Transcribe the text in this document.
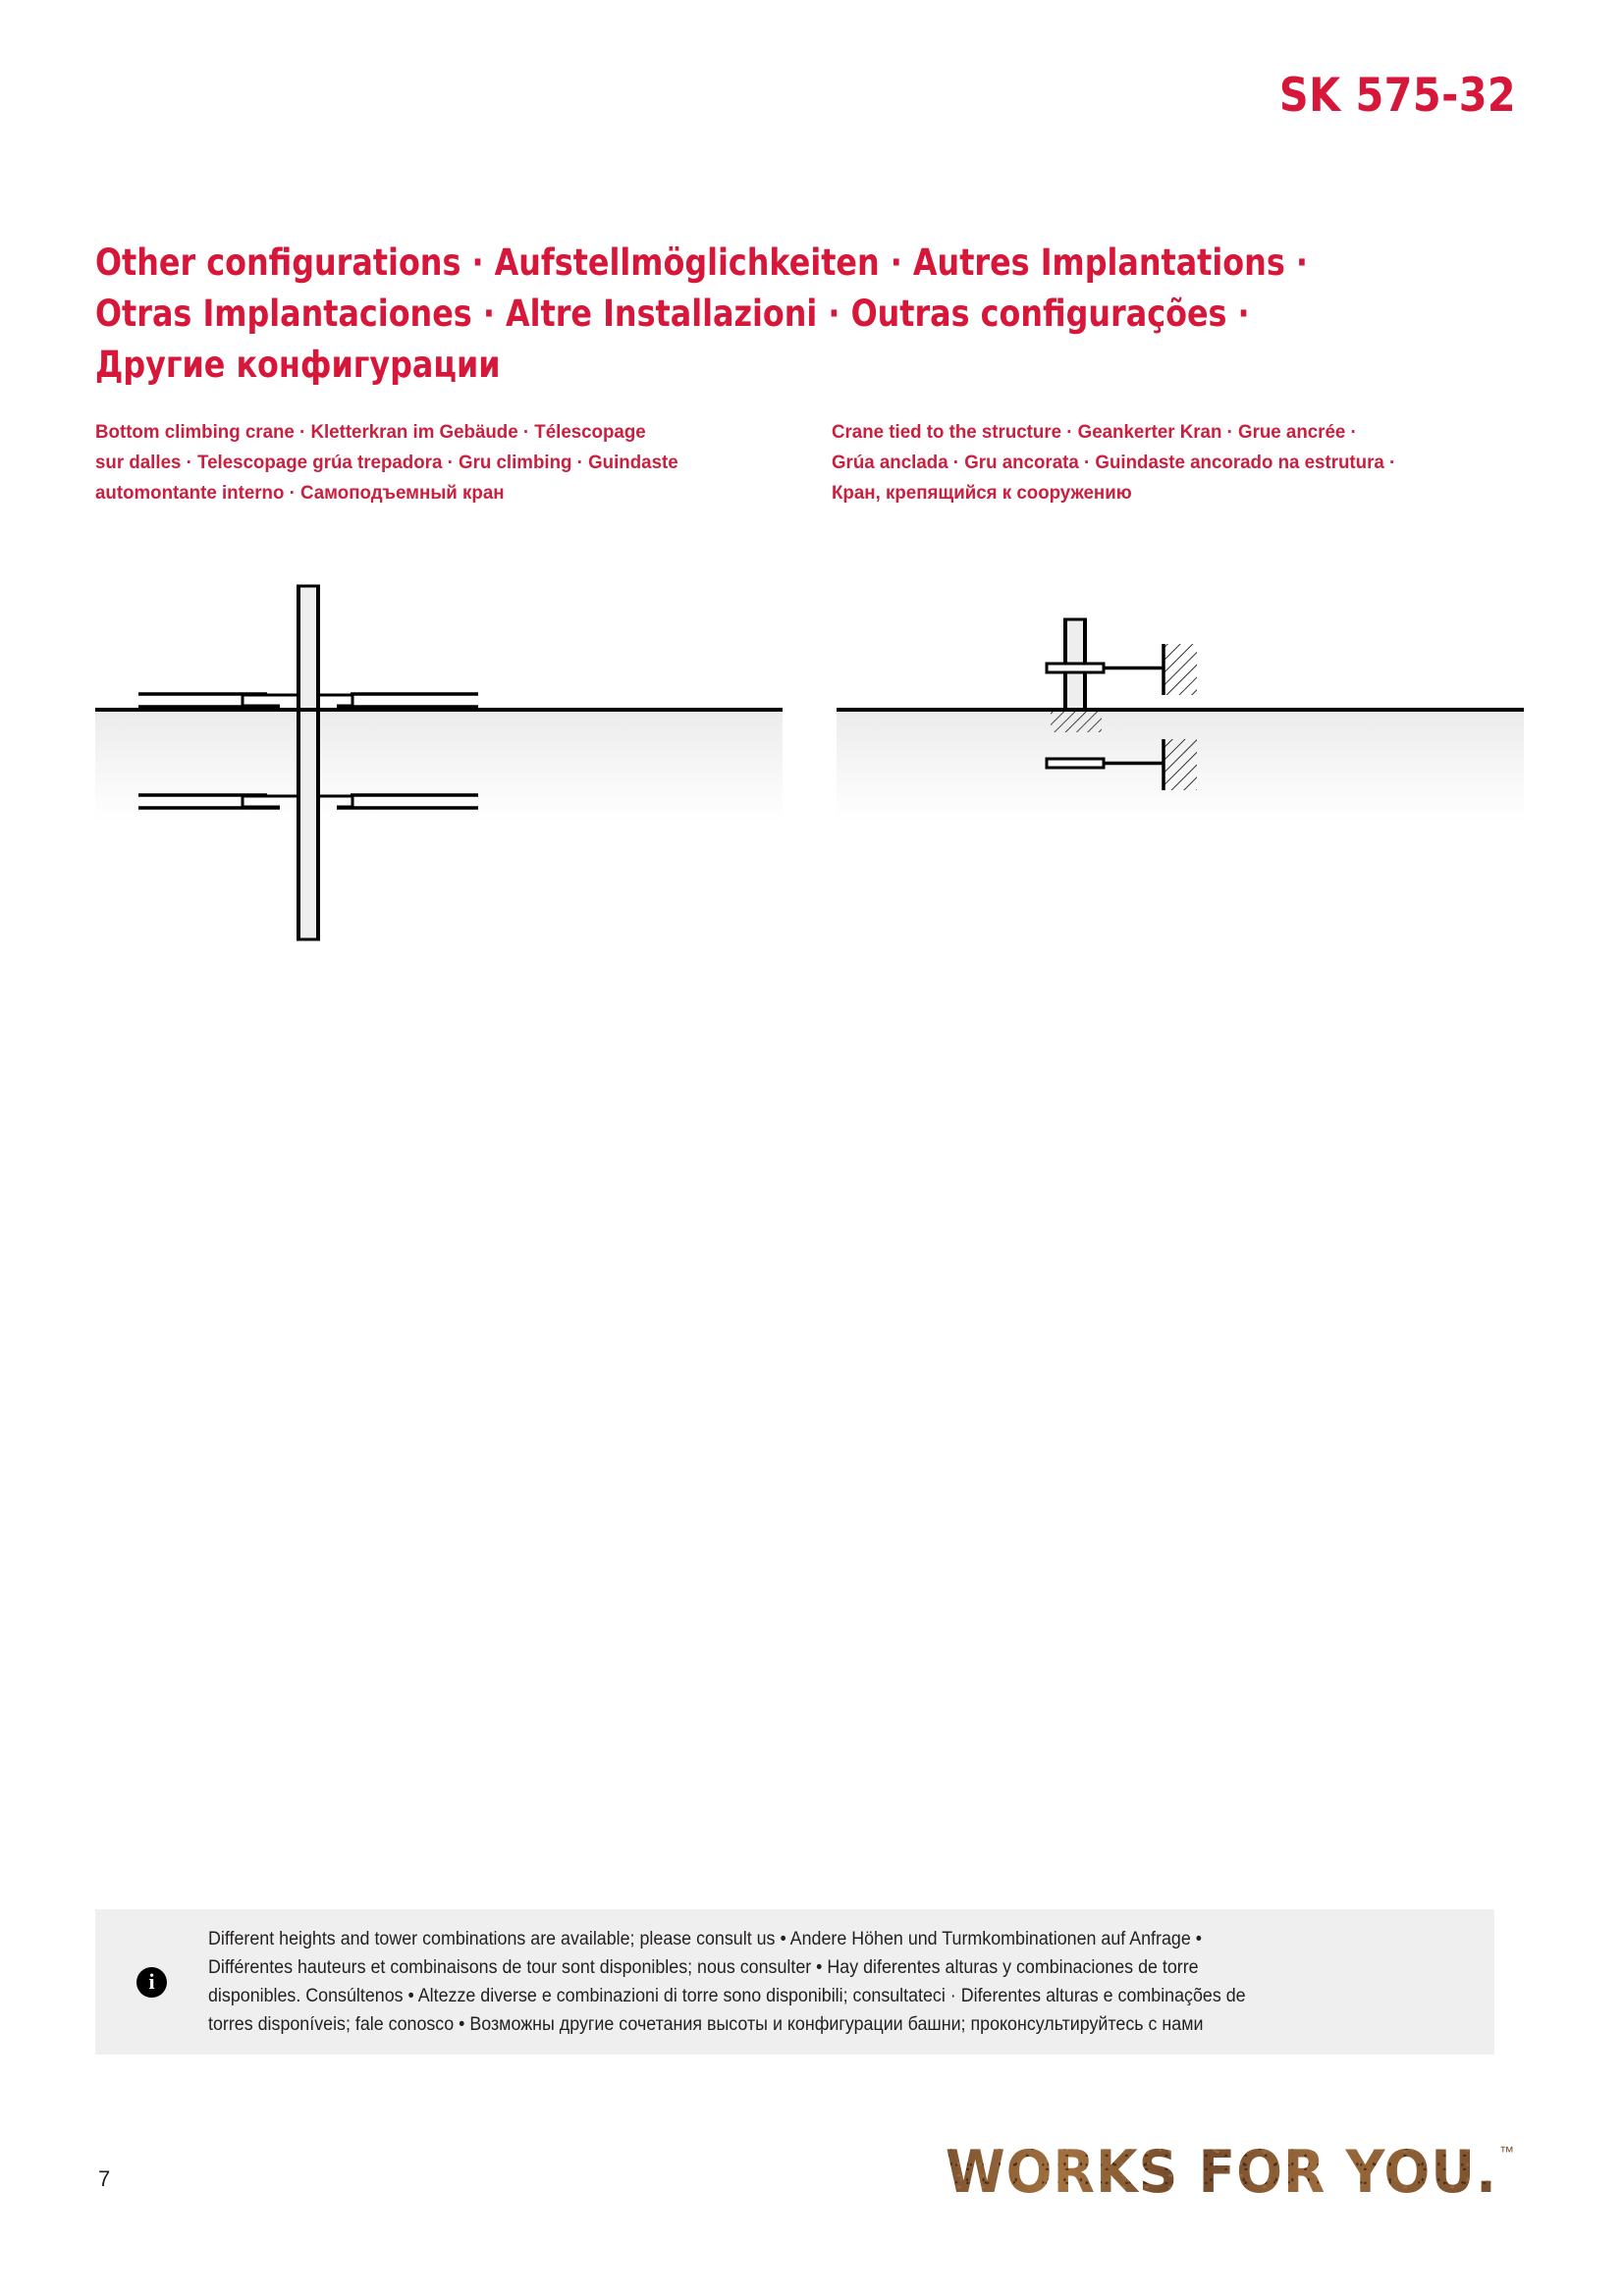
SK 575-32
Other configurations · Aufstellmöglichkeiten · Autres Implantations ·
Otras Implantaciones · Altre Installazioni · Outras configurações ·
Другие конфигурации
Bottom climbing crane · Kletterkran im Gebäude · Télescopage
sur dalles · Telescopage grúa trepadora · Gru climbing · Guindaste
automontante interno · Самоподъемный кран
Crane tied to the structure · Geankerter Kran · Grue ancrée ·
Grúa anclada · Gru ancorata · Guindaste ancorado na estrutura ·
Кран, крепящийся к сооружению
i
Different heights and tower combinations are available; please consult us • Andere Höhen und Turmkombinationen auf Anfrage •
Différentes hauteurs et combinaisons de tour sont disponibles; nous consulter • Hay diferentes alturas y combinaciones de torre
disponibles. Consúltenos • Altezze diverse e combinazioni di torre sono disponibili; consultateci · Diferentes alturas e combinações de
torres disponíveis; fale conosco • Возможны другие сочетания высоты и конфигурации башни; проконсультируйтесь с нами
7	WORKS FOR YOU. ™
